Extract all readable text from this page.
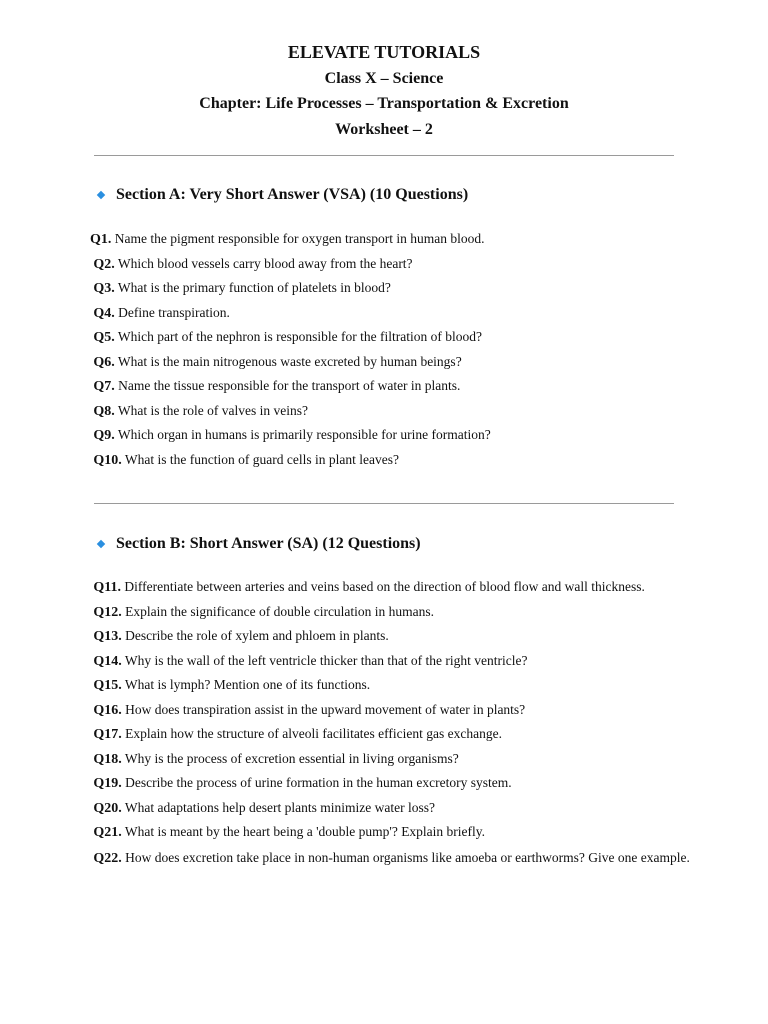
ELEVATE TUTORIALS
Class X – Science
Chapter: Life Processes – Transportation & Excretion
Worksheet – 2
Section A: Very Short Answer (VSA) (10 Questions)
Q1. Name the pigment responsible for oxygen transport in human blood.
Q2. Which blood vessels carry blood away from the heart?
Q3. What is the primary function of platelets in blood?
Q4. Define transpiration.
Q5. Which part of the nephron is responsible for the filtration of blood?
Q6. What is the main nitrogenous waste excreted by human beings?
Q7. Name the tissue responsible for the transport of water in plants.
Q8. What is the role of valves in veins?
Q9. Which organ in humans is primarily responsible for urine formation?
Q10. What is the function of guard cells in plant leaves?
Section B: Short Answer (SA) (12 Questions)
Q11. Differentiate between arteries and veins based on the direction of blood flow and wall thickness.
Q12. Explain the significance of double circulation in humans.
Q13. Describe the role of xylem and phloem in plants.
Q14. Why is the wall of the left ventricle thicker than that of the right ventricle?
Q15. What is lymph? Mention one of its functions.
Q16. How does transpiration assist in the upward movement of water in plants?
Q17. Explain how the structure of alveoli facilitates efficient gas exchange.
Q18. Why is the process of excretion essential in living organisms?
Q19. Describe the process of urine formation in the human excretory system.
Q20. What adaptations help desert plants minimize water loss?
Q21. What is meant by the heart being a 'double pump'? Explain briefly.
Q22. How does excretion take place in non-human organisms like amoeba or earthworms? Give one example.
